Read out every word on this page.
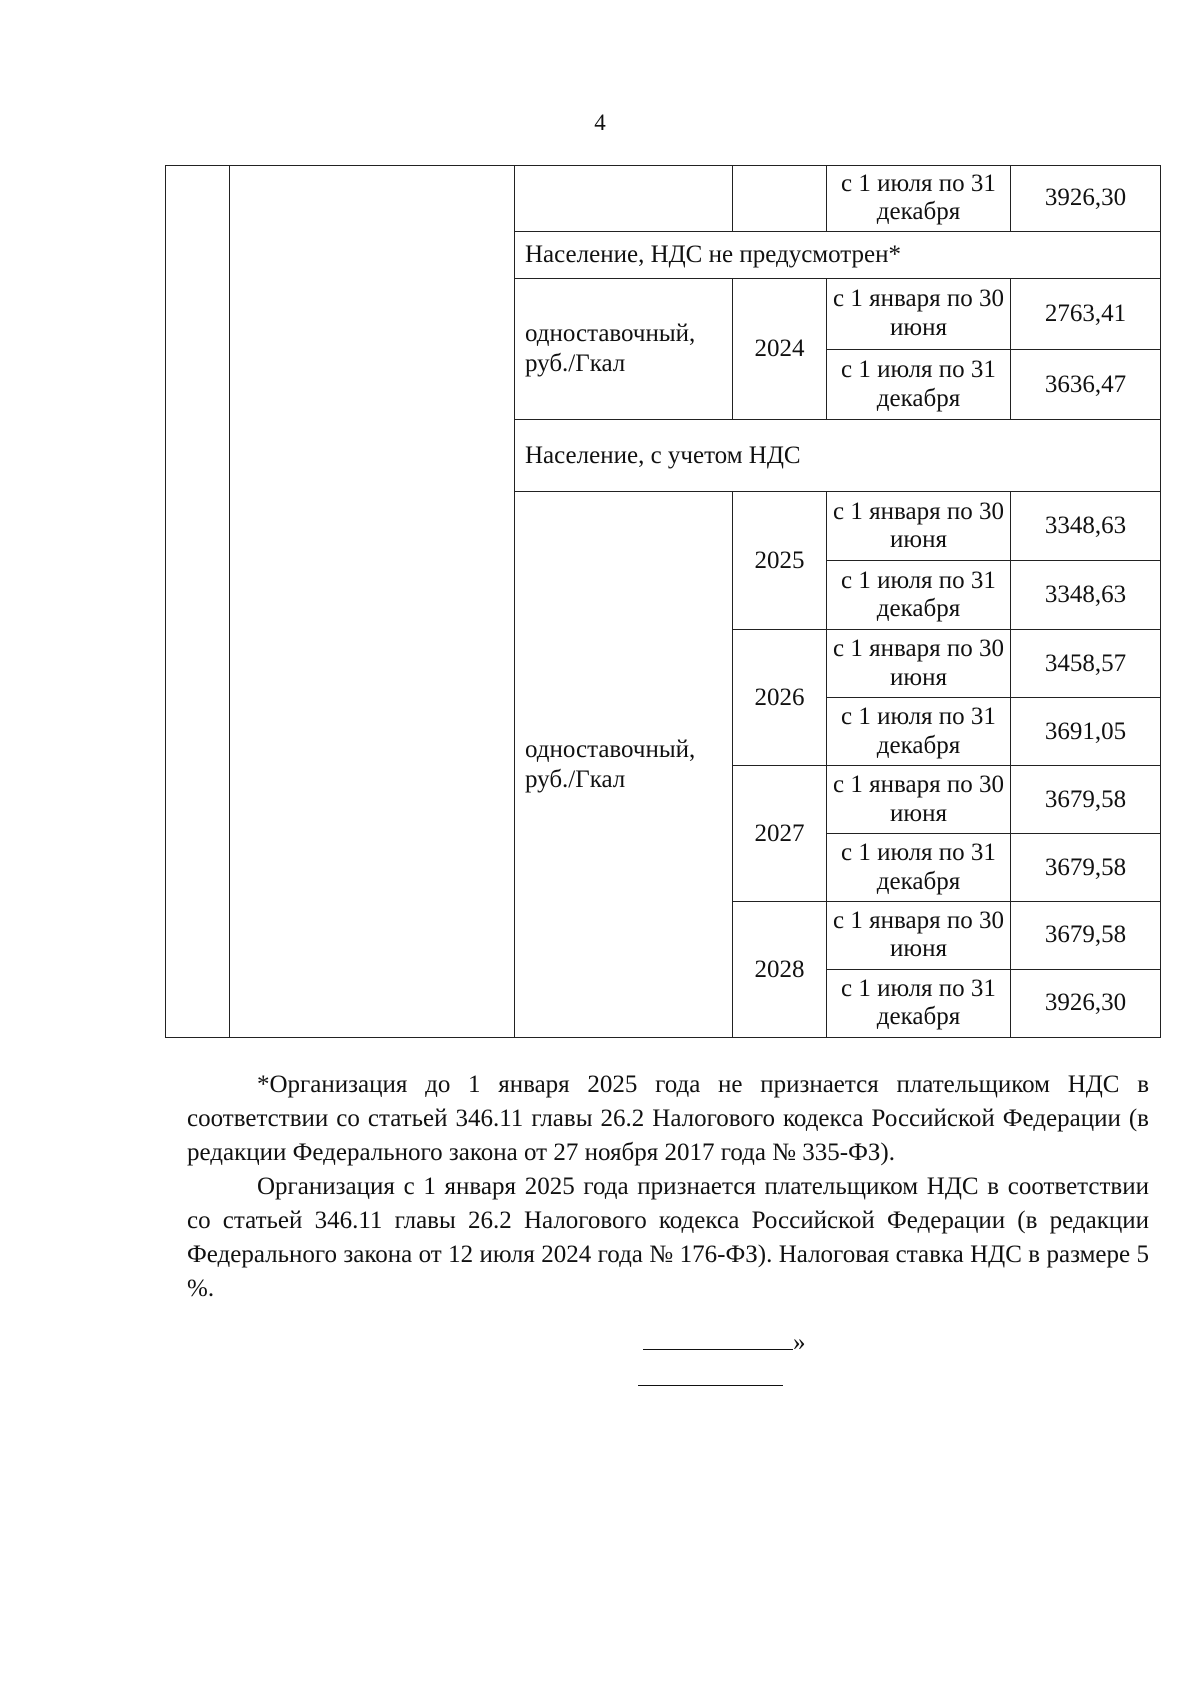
4
				с 1 июля по 31 декабря	3926,30
		Население, НДС не предусмотрен*			
		одноставочный, руб./Гкал	2024	с 1 января по 30 июня	2763,41
				с 1 июля по 31 декабря	3636,47
		Население, с учетом НДС			
		одноставочный, руб./Гкал	2025	с 1 января по 30 июня	3348,63
				с 1 июля по 31 декабря	3348,63
			2026	с 1 января по 30 июня	3458,57
				с 1 июля по 31 декабря	3691,05
			2027	с 1 января по 30 июня	3679,58
				с 1 июля по 31 декабря	3679,58
			2028	с 1 января по 30 июня	3679,58
				с 1 июля по 31 декабря	3926,30

*Организация до 1 января 2025 года не признается плательщиком НДС в соответствии со статьей 346.11 главы 26.2 Налогового кодекса Российской Федерации (в редакции Федерального закона от 27 ноября 2017 года № 335-ФЗ).

Организация с 1 января 2025 года признается плательщиком НДС в соответствии со статьей 346.11 главы 26.2 Налогового кодекса Российской Федерации (в редакции Федерального закона от 12 июля 2024 года № 176-ФЗ). Налоговая ставка НДС в размере 5 %.

»
